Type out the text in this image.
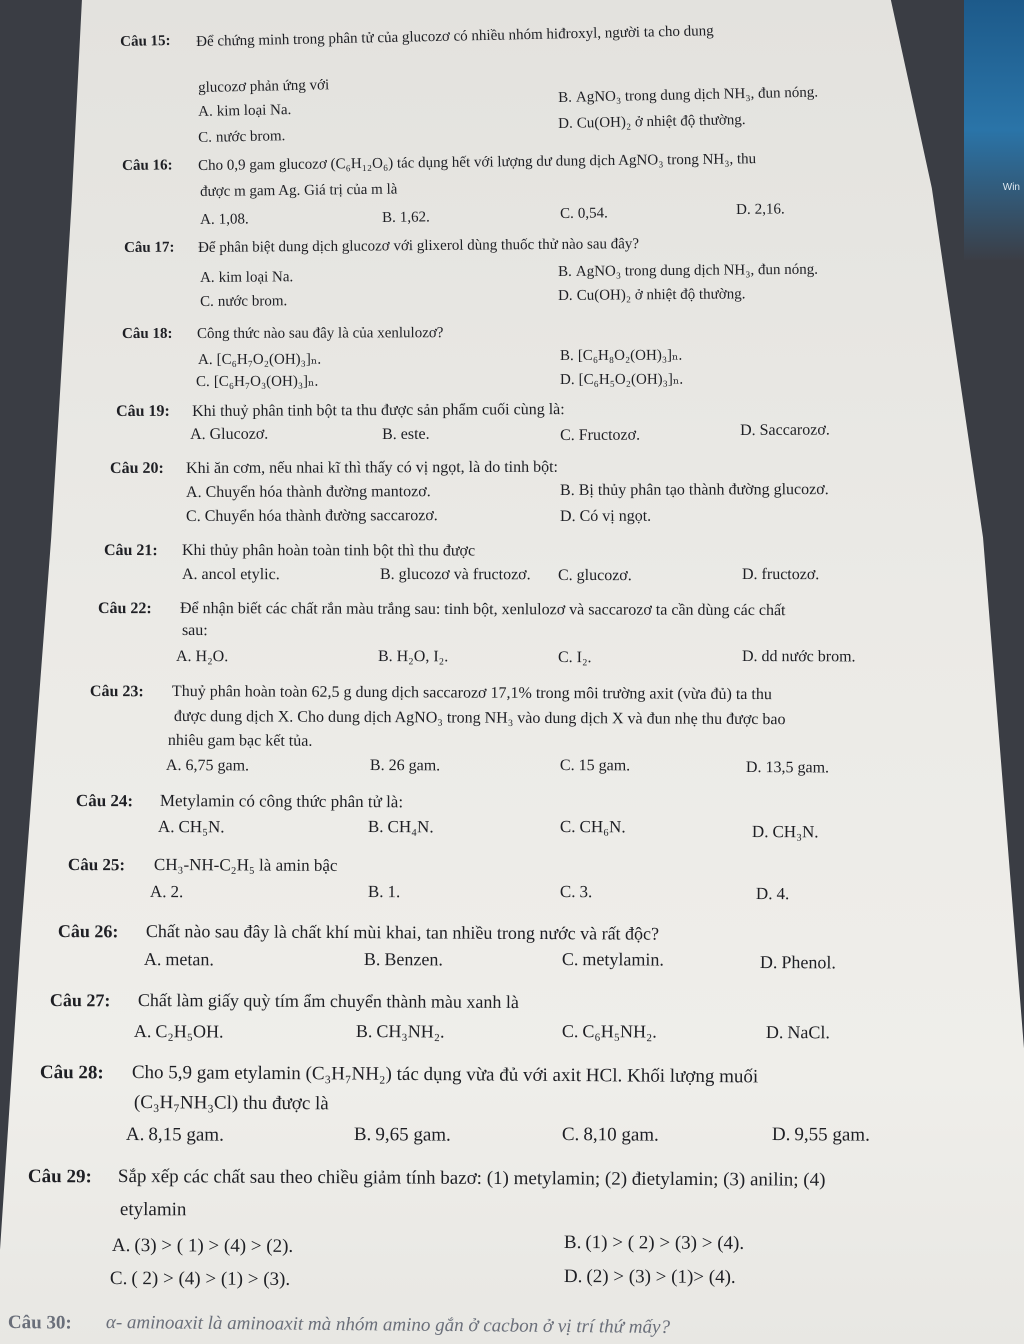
Win
Câu 15: Để chứng minh trong phân tử của glucozơ có nhiều nhóm hiđroxyl, người ta cho dung
glucozơ phản ứng với
A. kim loại Na.
B. AgNO₃ trong dung dịch NH₃, đun nóng.
C. nước brom.
D. Cu(OH)₂ ở nhiệt độ thường.
Câu 16: Cho 0,9 gam glucozơ (C₆H₁₂O₆) tác dụng hết với lượng dư dung dịch AgNO₃ trong NH₃, thu
được m gam Ag. Giá trị của m là
A. 1,08.	B. 1,62.	C. 0,54.	D. 2,16.
Câu 17: Để phân biệt dung dịch glucozơ với glixerol dùng thuốc thử nào sau đây?
A. kim loại Na.	B. AgNO₃ trong dung dịch NH₃, đun nóng.
C. nước brom.	D. Cu(OH)₂ ở nhiệt độ thường.
Câu 18: Công thức nào sau đây là của xenlulozơ?
A. [C₆H₇O₂(OH)₃]ₙ.	B. [C₆H₈O₂(OH)₃]ₙ.
C. [C₆H₇O₃(OH)₃]ₙ.	D. [C₆H₅O₂(OH)₃]ₙ.
Câu 19: Khi thuỷ phân tinh bột ta thu được sản phẩm cuối cùng là:
A. Glucozơ.	B. este.	C. Fructozơ.	D. Saccarozơ.
Câu 20: Khi ăn cơm, nếu nhai kĩ thì thấy có vị ngọt, là do tinh bột:
A. Chuyển hóa thành đường mantozơ.	B. Bị thủy phân tạo thành đường glucozơ.
C. Chuyển hóa thành đường saccarozơ.	D. Có vị ngọt.
Câu 21: Khi thủy phân hoàn toàn tinh bột thì thu được
A. ancol etylic.	B. glucozơ và fructozơ. C. glucozơ.	D. fructozơ.
Câu 22: Để nhận biết các chất rắn màu trắng sau: tinh bột, xenlulozơ và saccarozơ ta cần dùng các chất
sau:
A. H₂O.	B. H₂O, I₂.	C. I₂.	D. dd nước brom.
Câu 23: Thuỷ phân hoàn toàn 62,5 g dung dịch saccarozơ 17,1% trong môi trường axit (vừa đủ) ta thu
được dung dịch X. Cho dung dịch AgNO₃ trong NH₃ vào dung dịch X và đun nhẹ thu được bao
nhiêu gam bạc kết tủa.
A. 6,75 gam.	B. 26 gam.	C. 15 gam.	D. 13,5 gam.
Câu 24: Metylamin có công thức phân tử là:
A. CH₅N.	B. CH₄N.	C. CH₆N.	D. CH₃N.
Câu 25: CH₃-NH-C₂H₅ là amin bậc
A. 2.	B. 1.	C. 3.	D. 4.
Câu 26: Chất nào sau đây là chất khí mùi khai, tan nhiều trong nước và rất độc?
A. metan.	B. Benzen.	C. metylamin.	D. Phenol.
Câu 27: Chất làm giấy quỳ tím ẩm chuyển thành màu xanh là
A. C₂H₅OH.	B. CH₃NH₂.	C. C₆H₅NH₂.	D. NaCl.
Câu 28: Cho 5,9 gam etylamin (C₃H₇NH₂) tác dụng vừa đủ với axit HCl. Khối lượng muối
(C₃H₇NH₃Cl) thu được là
A. 8,15 gam.	B. 9,65 gam.	C. 8,10 gam.	D. 9,55 gam.
Câu 29: Sắp xếp các chất sau theo chiều giảm tính bazơ: (1) metylamin; (2) đietylamin; (3) anilin; (4)
etylamin
A. (3) > ( 1) > (4) > (2).	B. (1) > ( 2) > (3) > (4).
C. ( 2) > (4) > (1) > (3).	D. (2) > (3) > (1)> (4).
Câu 30: α- aminoaxit là aminoaxit mà nhóm amino gắn ở cacbon ở vị trí thứ mấy?
